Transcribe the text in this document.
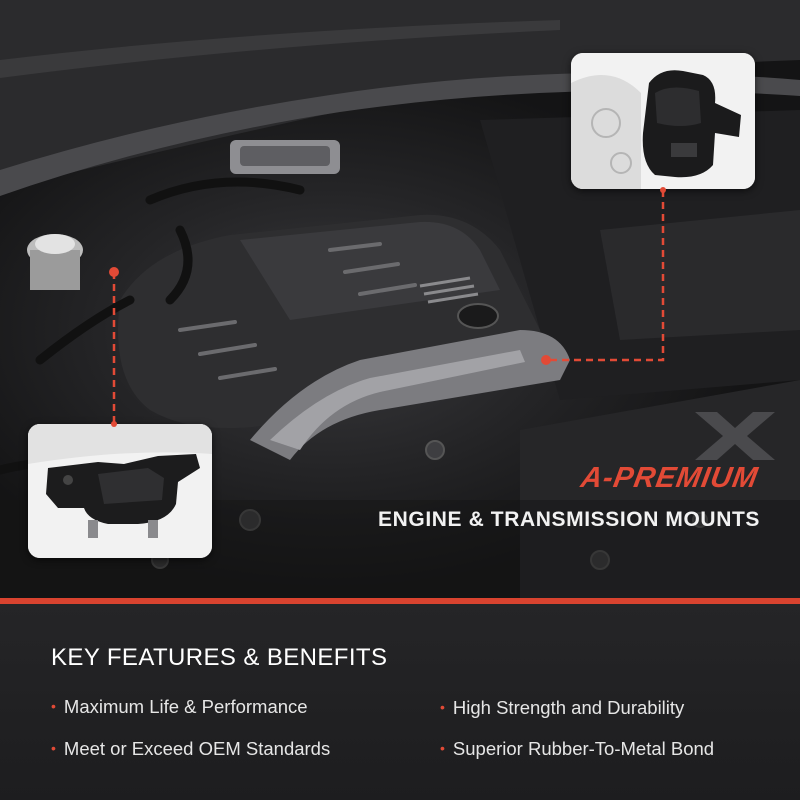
A-PREMIUM
ENGINE & TRANSMISSION MOUNTS
KEY FEATURES & BENEFITS
• Maximum Life & Performance
• Meet or Exceed OEM Standards
• High Strength and Durability
• Superior Rubber-To-Metal Bond
